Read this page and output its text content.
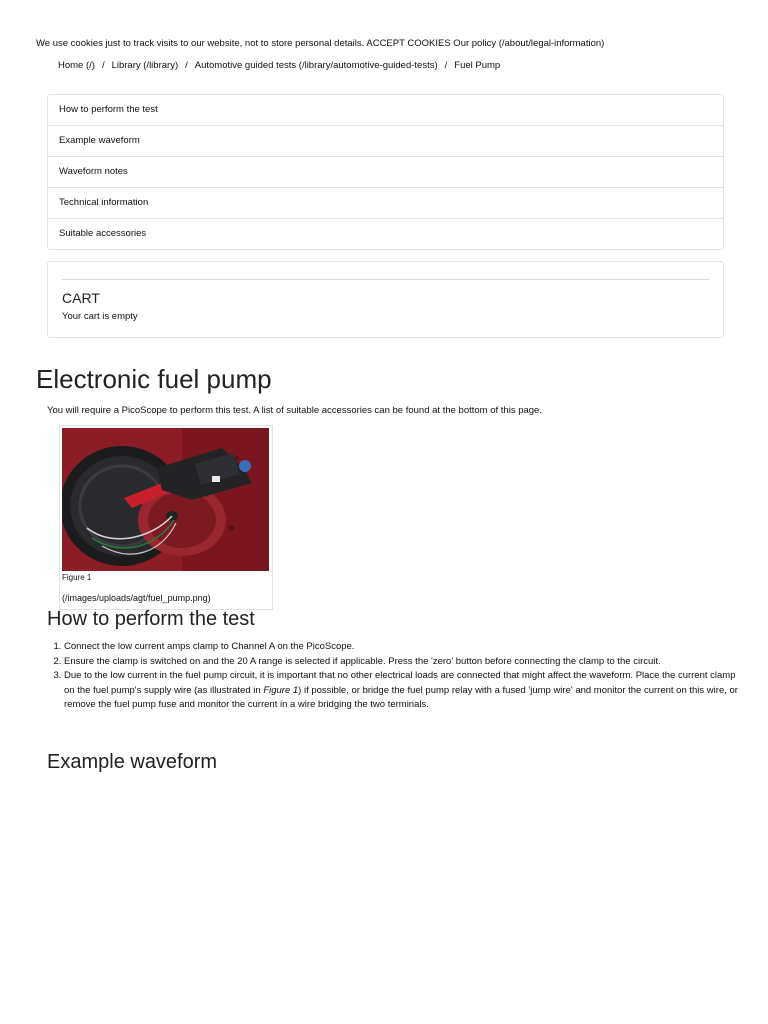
We use cookies just to track visits to our website, not to store personal details. ACCEPT COOKIES Our policy (/about/legal-information)
Home (/) / Library (/library) / Automotive guided tests (/library/automotive-guided-tests) / Fuel Pump
How to perform the test
Example waveform
Waveform notes
Technical information
Suitable accessories
CART
Your cart is empty
Electronic fuel pump
You will require a PicoScope to perform this test. A list of suitable accessories can be found at the bottom of this page.
Figure 1
(/images/uploads/agt/fuel_pump.png)
How to perform the test
1. Connect the low current amps clamp to Channel A on the PicoScope.
2. Ensure the clamp is switched on and the 20 A range is selected if applicable. Press the 'zero' button before connecting the clamp to the circuit.
3. Due to the low current in the fuel pump circuit, it is important that no other electrical loads are connected that might affect the waveform. Place the current clamp on the fuel pump's supply wire (as illustrated in Figure 1) if possible, or bridge the fuel pump relay with a fused 'jump wire' and monitor the current on this wire, or remove the fuel pump fuse and monitor the current in a wire bridging the two terminals.
Example waveform
